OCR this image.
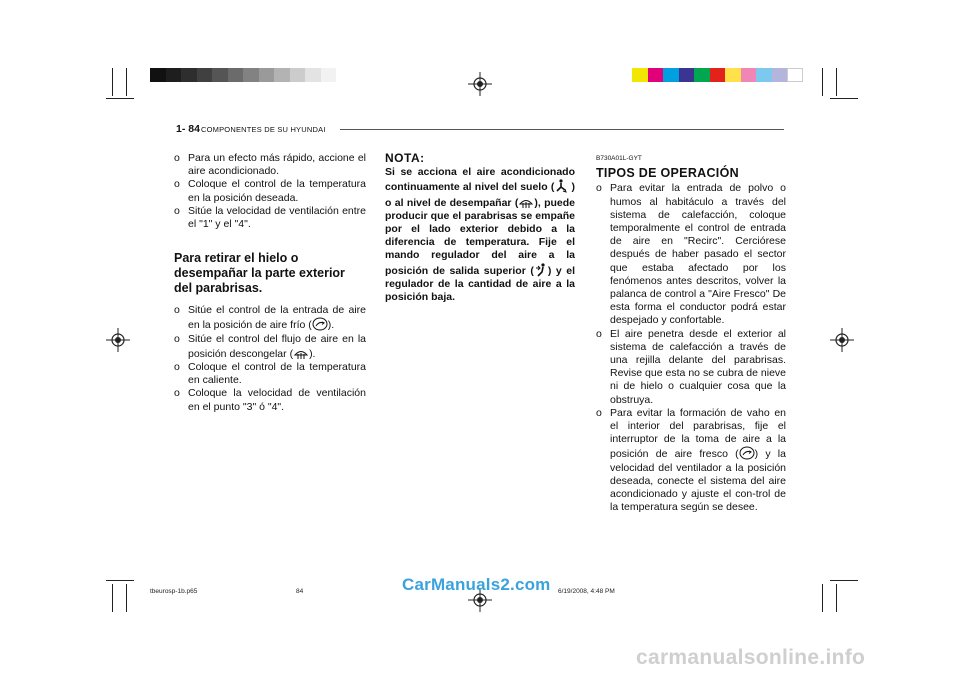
1- 84 COMPONENTES DE SU HYUNDAI

o Para un efecto más rápido, accione el aire acondicionado.

o Coloque el control de la temperatura en la posición deseada.

o Sitúe la velocidad de ventilación entre el "1" y el "4".

Para retirar el hielo o desempañar la parte exterior del parabrisas.

o Sitúe el control de la entrada de aire en la posición de aire frío ( ).

o Sitúe el control del flujo de aire en la posición descongelar ( ).

o Coloque el control de la temperatura en caliente.

o Coloque la velocidad de ventilación en el punto "3" ó "4".

NOTA:
Si se acciona el aire acondicionado continuamente al nivel del suelo ( ) o al nivel de desempañar ( ), puede producir que el parabrisas se empañe por el lado exterior debido a la diferencia de temperatura. Fije el mando regulador del aire a la posición de salida superior ( ) y el regulador de la cantidad de aire a la posición baja.
B730A01L-GYT
TIPOS DE OPERACIÓN

o Para evitar la entrada de polvo o humos al habitáculo a través del sistema de calefacción, coloque temporalmente el control de entrada de aire en "Recirc". Cerciórese después de haber pasado el sector que estaba afectado por los fenómenos antes descritos, volver la palanca de control a "Aire Fresco" De esta forma el conductor podrá estar despejado y confortable.

o El aire penetra desde el exterior al sistema de calefacción a través de una rejilla delante del parabrisas. Revise que esta no se cubra de nieve ni de hielo o cualquier cosa que la obstruya.

o Para evitar la formación de vaho en el interior del parabrisas, fije el interruptor de la toma de aire a la posición de aire fresco ( ) y la velocidad del ventilador a la posición deseada, conecte el sistema del aire acondicionado y ajuste el con-trol de la temperatura según se desee.

tbeurosp-1b.p65	84	6/19/2008, 4:48 PM
CarManuals2.com
carmanualsonline.info
